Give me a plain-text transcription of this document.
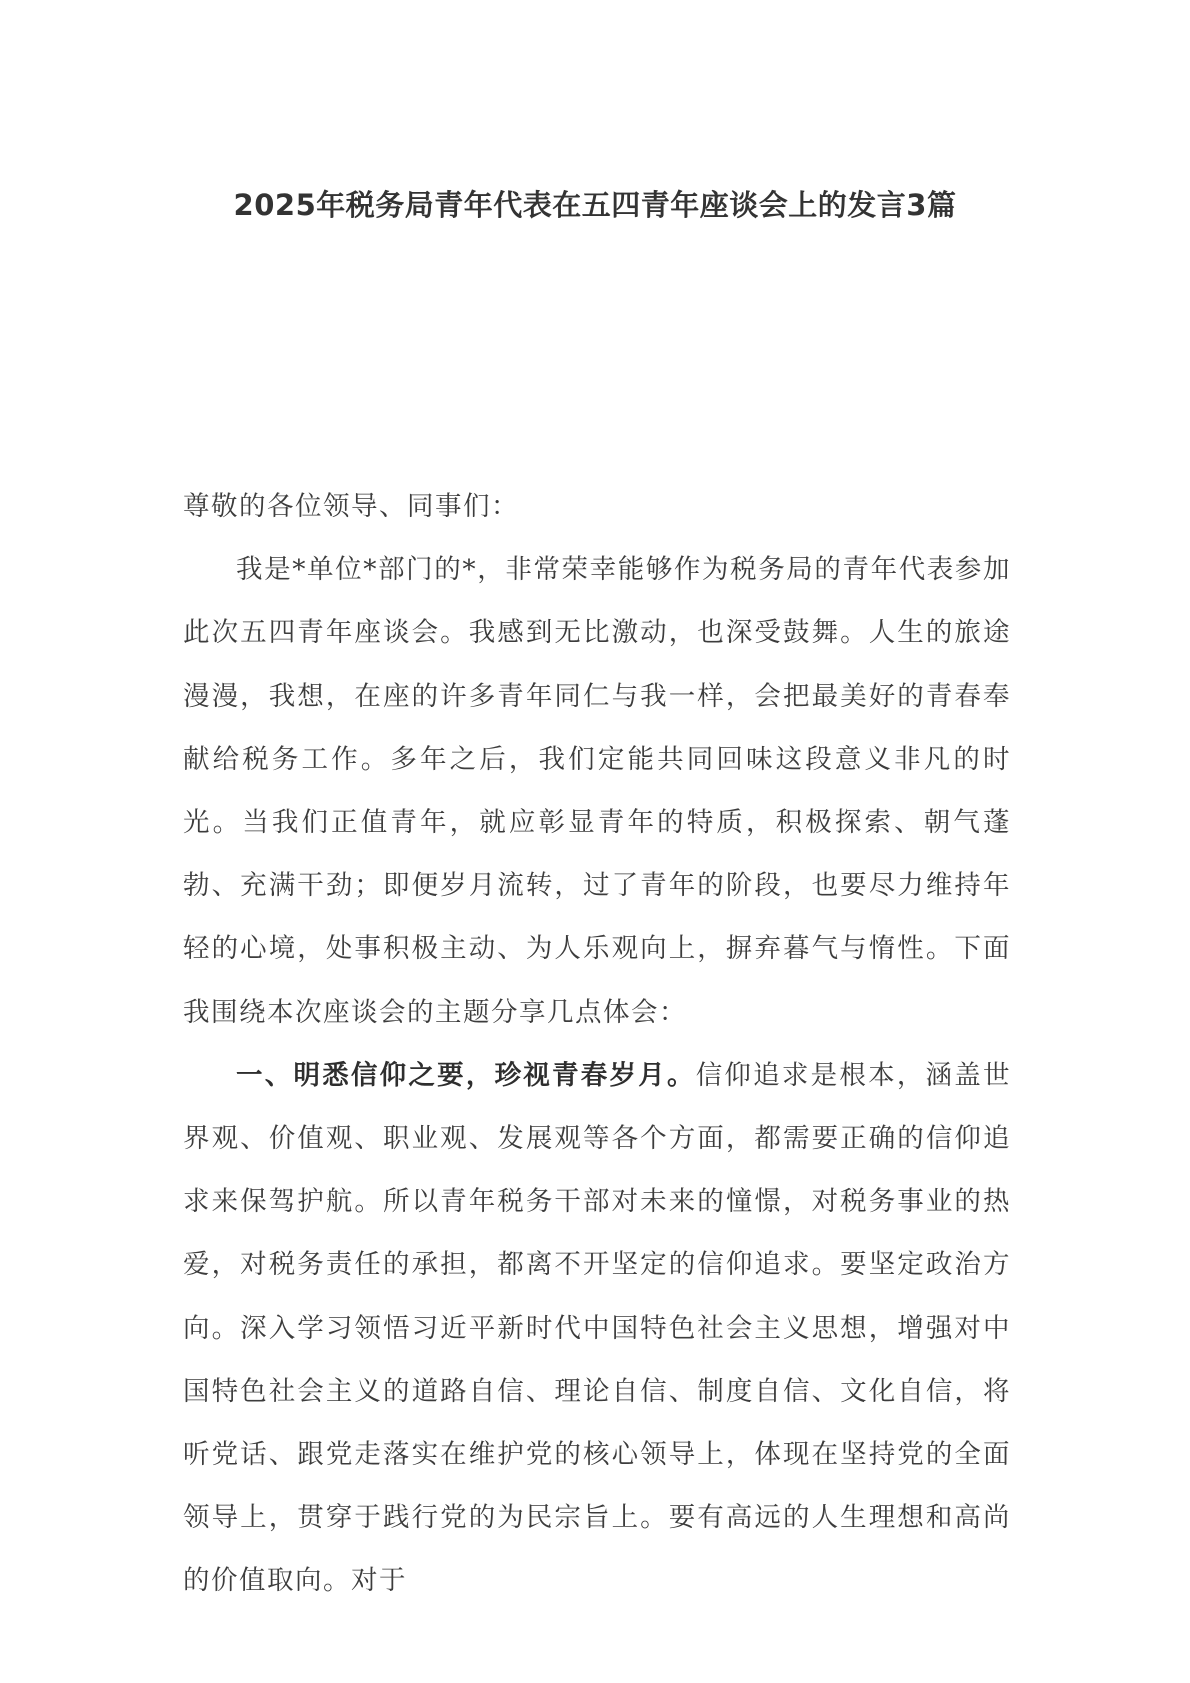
2025年税务局青年代表在五四青年座谈会上的发言3篇

尊敬的各位领导、同事们：

我是*单位*部门的*，非常荣幸能够作为税务局的青年代表参加此次五四青年座谈会。我感到无比激动，也深受鼓舞。人生的旅途漫漫，我想，在座的许多青年同仁与我一样，会把最美好的青春奉献给税务工作。多年之后，我们定能共同回味这段意义非凡的时光。当我们正值青年，就应彰显青年的特质，积极探索、朝气蓬勃、充满干劲；即便岁月流转，过了青年的阶段，也要尽力维持年轻的心境，处事积极主动、为人乐观向上，摒弃暮气与惰性。下面我围绕本次座谈会的主题分享几点体会：

一、明悉信仰之要，珍视青春岁月。信仰追求是根本，涵盖世界观、价值观、职业观、发展观等各个方面，都需要正确的信仰追求来保驾护航。所以青年税务干部对未来的憧憬，对税务事业的热爱，对税务责任的承担，都离不开坚定的信仰追求。要坚定政治方向。深入学习领悟习近平新时代中国特色社会主义思想，增强对中国特色社会主义的道路自信、理论自信、制度自信、文化自信，将听党话、跟党走落实在维护党的核心领导上，体现在坚持党的全面领导上，贯穿于践行党的为民宗旨上。要有高远的人生理想和高尚的价值取向。对于
